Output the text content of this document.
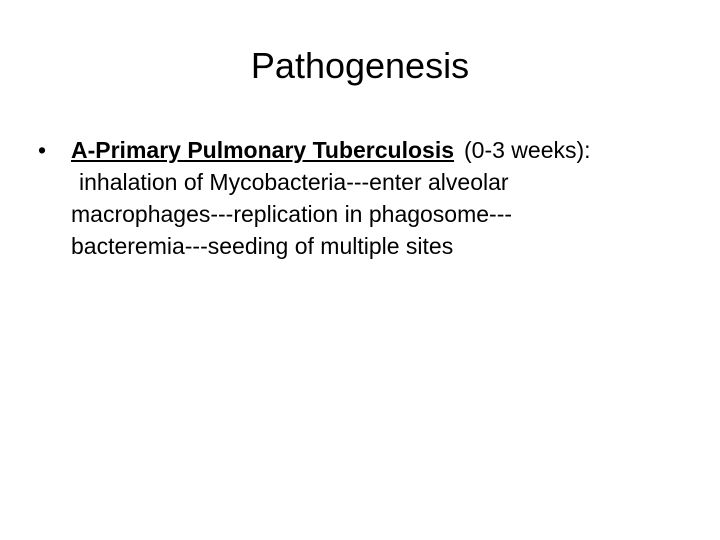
Pathogenesis
•	A-Primary Pulmonary Tuberculosis (0-3 weeks):
inhalation of Mycobacteria---enter alveolar
macrophages---replication in phagosome---
bacteremia---seeding of multiple sites
